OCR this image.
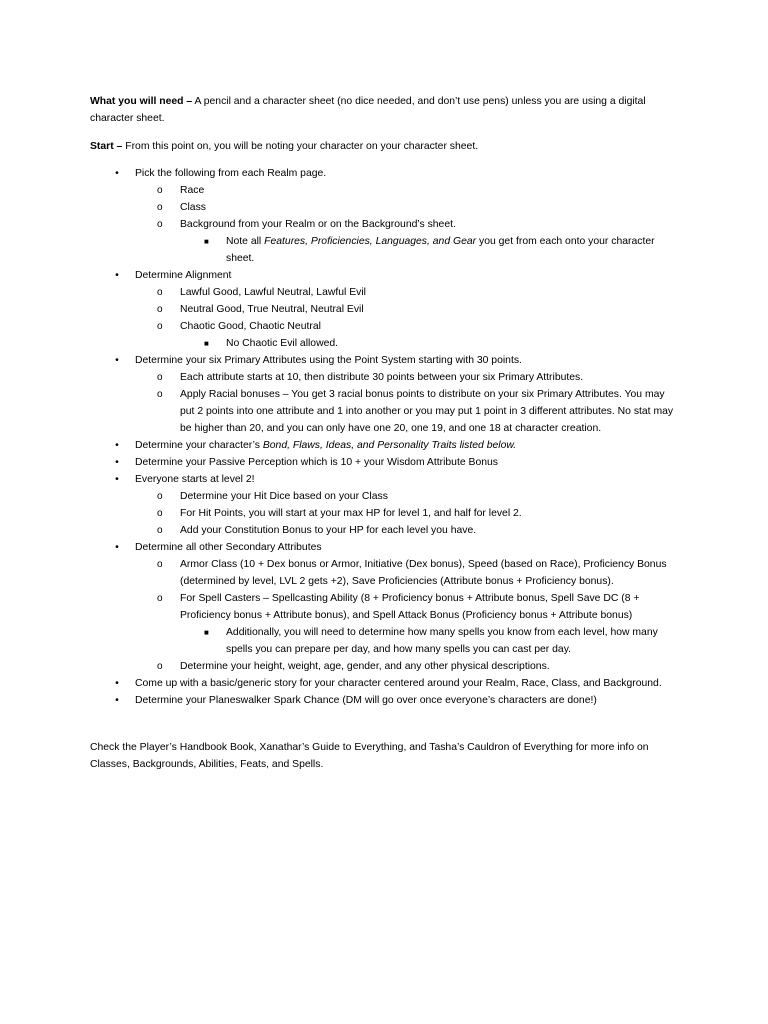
What you will need – A pencil and a character sheet (no dice needed, and don’t use pens) unless you are using a digital character sheet.

Start – From this point on, you will be noting your character on your character sheet.

• Pick the following from each Realm page.
o Race
o Class
o Background from your Realm or on the Background’s sheet.
■	Note all Features, Proficiencies, Languages, and Gear you get from each onto your character sheet.
• Determine Alignment
o Lawful Good, Lawful Neutral, Lawful Evil
o Neutral Good, True Neutral, Neutral Evil
o Chaotic Good, Chaotic Neutral
■	No Chaotic Evil allowed.
• Determine your six Primary Attributes using the Point System starting with 30 points.
o Each attribute starts at 10, then distribute 30 points between your six Primary Attributes.
o Apply Racial bonuses – You get 3 racial bonus points to distribute on your six Primary Attributes. You may put 2 points into one attribute and 1 into another or you may put 1 point in 3 different attributes. No stat may be higher than 20, and you can only have one 20, one 19, and one 18 at character creation.
• Determine your character’s Bond, Flaws, Ideas, and Personality Traits listed below.
• Determine your Passive Perception which is 10 + your Wisdom Attribute Bonus
• Everyone starts at level 2!
o Determine your Hit Dice based on your Class
o For Hit Points, you will start at your max HP for level 1, and half for level 2.
o Add your Constitution Bonus to your HP for each level you have.
• Determine all other Secondary Attributes
o Armor Class (10 + Dex bonus or Armor, Initiative (Dex bonus), Speed (based on Race), Proficiency Bonus (determined by level, LVL 2 gets +2), Save Proficiencies (Attribute bonus + Proficiency bonus).
o For Spell Casters – Spellcasting Ability (8 + Proficiency bonus + Attribute bonus, Spell Save DC (8 + Proficiency bonus + Attribute bonus), and Spell Attack Bonus (Proficiency bonus + Attribute bonus)
■	Additionally, you will need to determine how many spells you know from each level, how many spells you can prepare per day, and how many spells you can cast per day.
o Determine your height, weight, age, gender, and any other physical descriptions.
• Come up with a basic/generic story for your character centered around your Realm, Race, Class, and Background.
• Determine your Planeswalker Spark Chance (DM will go over once everyone’s characters are done!)

Check the Player’s Handbook Book, Xanathar’s Guide to Everything, and Tasha’s Cauldron of Everything for more info on Classes, Backgrounds, Abilities, Feats, and Spells.
